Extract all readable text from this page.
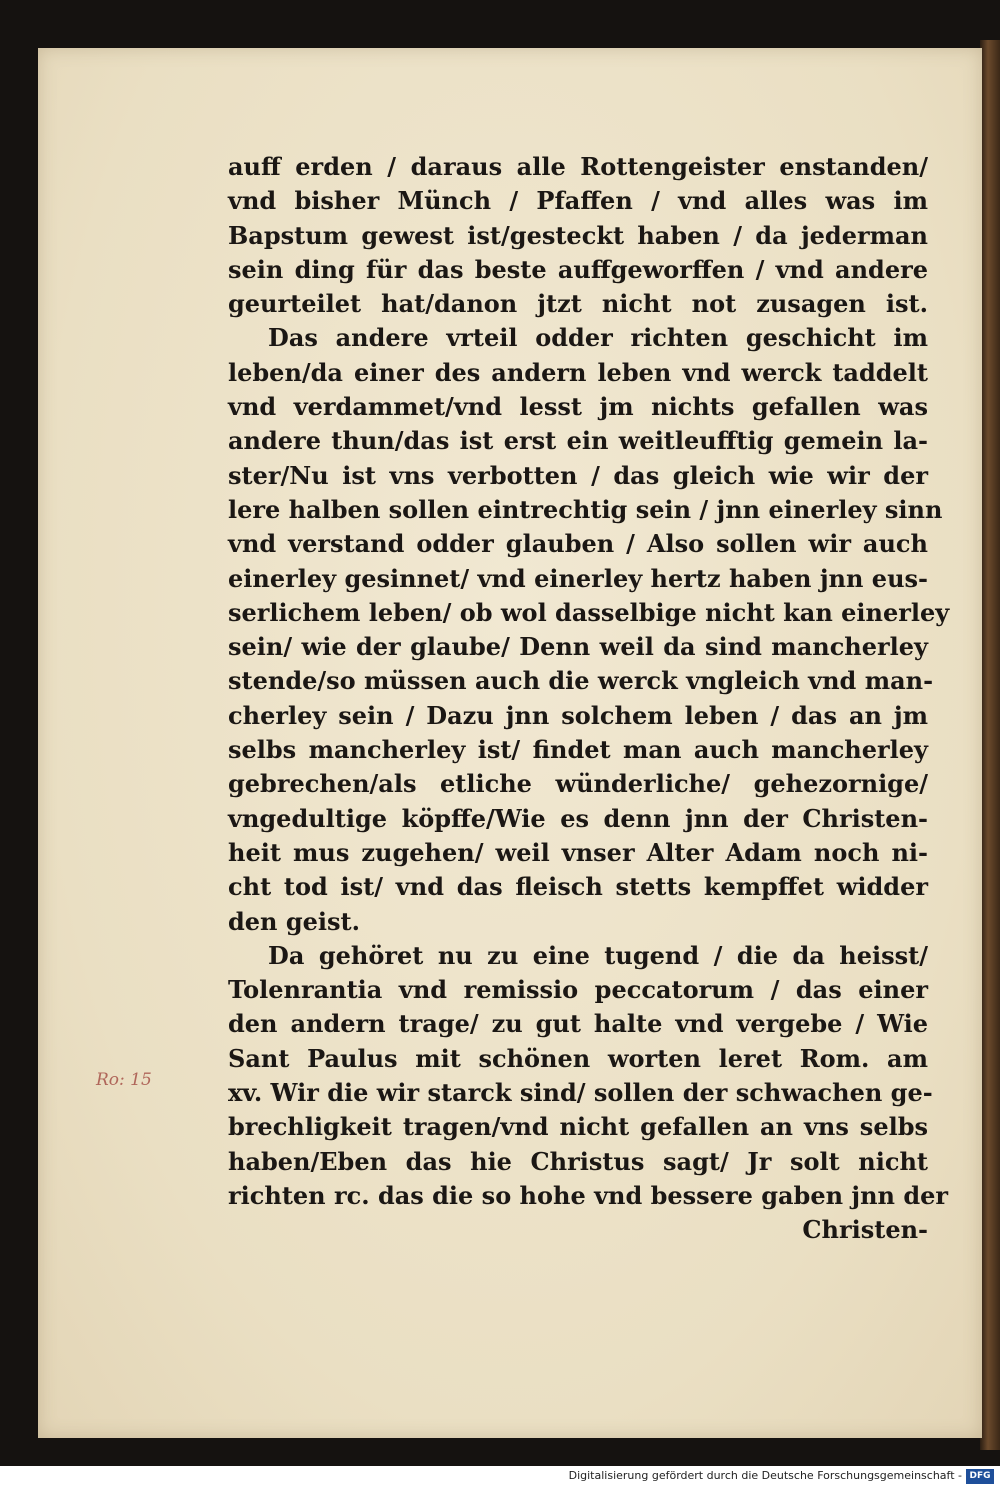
auff erden / daraus alle Rottengeister enstanden/
vnd bisher Münch / Pfaffen / vnd alles was im
Bapstum gewest ist/gesteckt haben / da jederman
sein ding für das beste auffgeworffen / vnd andere
geurteilet hat/danon jtzt nicht not zusagen ist.
Das andere vrteil odder richten geschicht im
leben/da einer des andern leben vnd werck taddelt
vnd verdammet/vnd lesst jm nichts gefallen was
andere thun/das ist erst ein weitleufftig gemein la-
ster/Nu ist vns verbotten / das gleich wie wir der
lere halben sollen eintrechtig sein / jnn einerley sinn
vnd verstand odder glauben / Also sollen wir auch
einerley gesinnet/ vnd einerley hertz haben jnn eus-
serlichem leben/ ob wol dasselbige nicht kan einerley
sein/ wie der glaube/ Denn weil da sind mancherley
stende/so müssen auch die werck vngleich vnd man-
cherley sein / Dazu jnn solchem leben / das an jm
selbs mancherley ist/ findet man auch mancherley
gebrechen/als etliche wünderliche/ gehezornige/
vngedultige köpffe/Wie es denn jnn der Christen-
heit mus zugehen/ weil vnser Alter Adam noch ni-
cht tod ist/ vnd das fleisch stetts kempffet widder
den geist.
Da gehöret nu zu eine tugend / die da heisst/
Tolenrantia vnd remissio peccatorum / das einer
den andern trage/ zu gut halte vnd vergebe / Wie
Sant Paulus mit schönen worten leret Rom. am
xv. Wir die wir starck sind/ sollen der schwachen ge-
brechligkeit tragen/vnd nicht gefallen an vns selbs
haben/Eben das hie Christus sagt/ Jr solt nicht
richten rc. das die so hohe vnd bessere gaben jnn der
Christen-
Ro: 15
Digitalisierung gefördert durch die Deutsche Forschungsgemeinschaft - DFG
